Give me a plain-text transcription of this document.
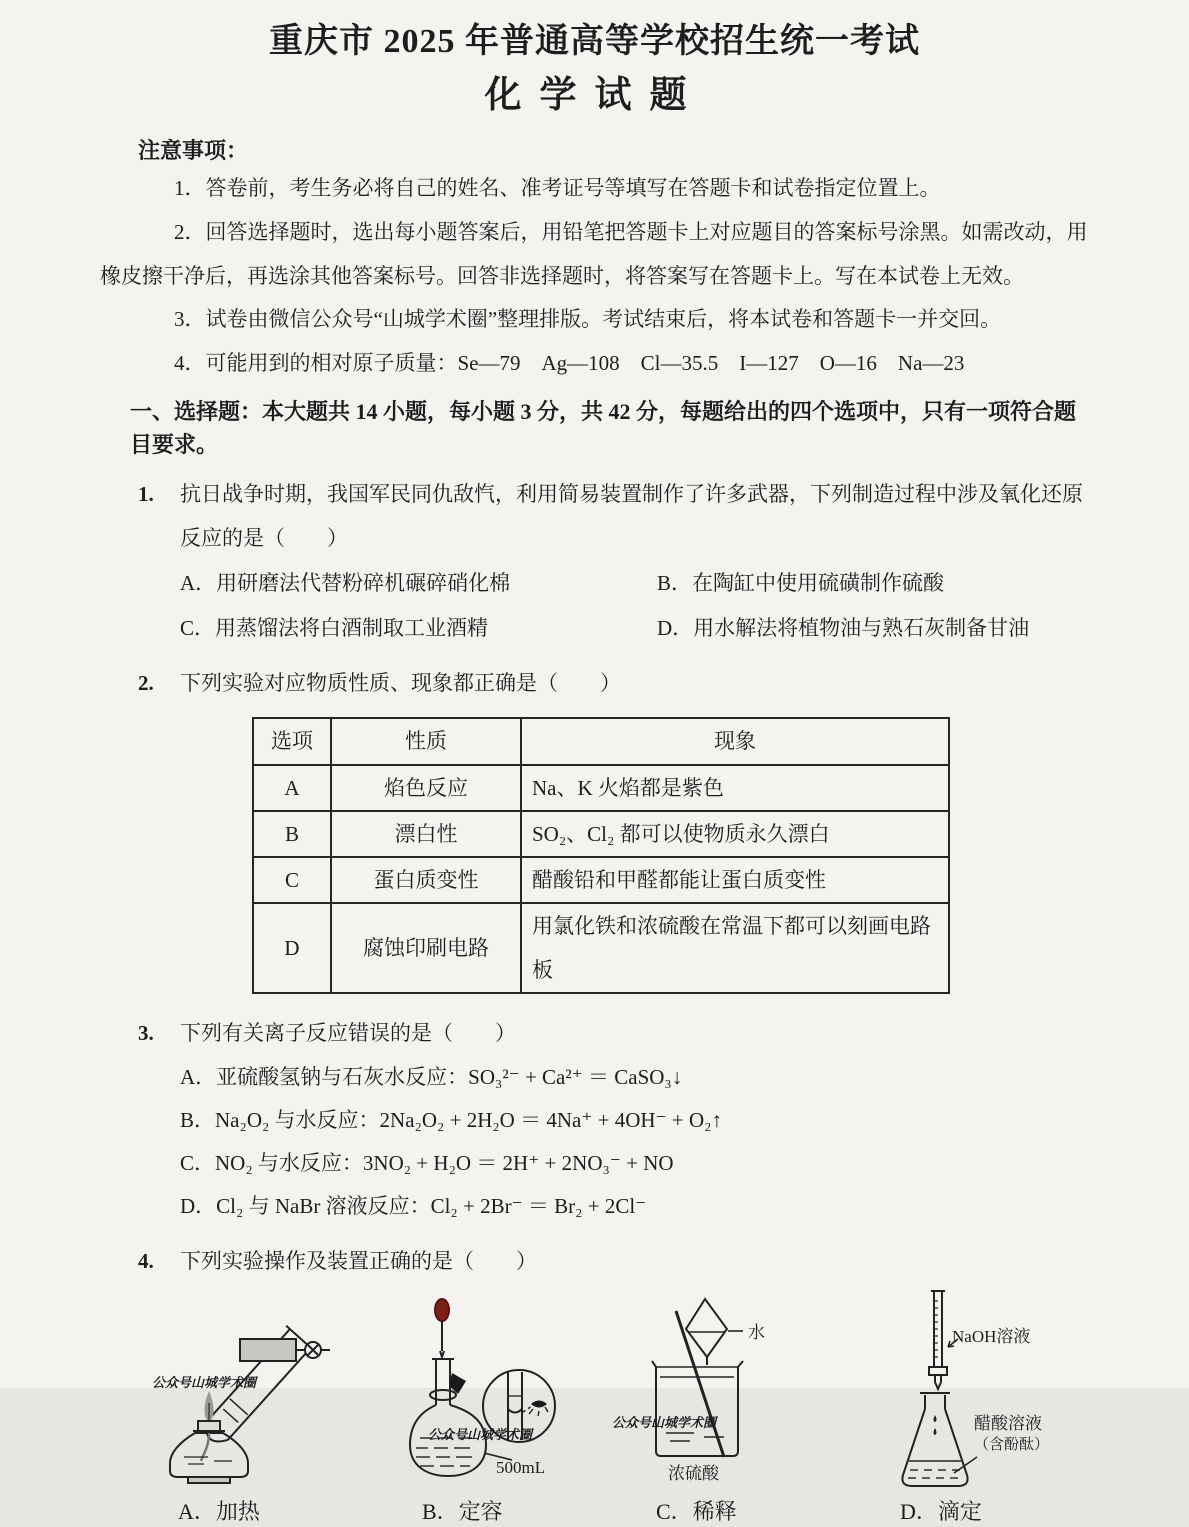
重庆市 2025 年普通高等学校招生统一考试
化学试题
注意事项：

1．答卷前，考生务必将自己的姓名、准考证号等填写在答题卡和试卷指定位置上。

2．回答选择题时，选出每小题答案后，用铅笔把答题卡上对应题目的答案标号涂黑。如需改动，用橡皮擦干净后，再选涂其他答案标号。回答非选择题时，将答案写在答题卡上。写在本试卷上无效。

3．试卷由微信公众号“山城学术圈”整理排版。考试结束后，将本试卷和答题卡一并交回。

4．可能用到的相对原子质量：Se—79　Ag—108　Cl—35.5　I—127　O—16　Na—23

一、选择题：本大题共 14 小题，每小题 3 分，共 42 分，每题给出的四个选项中，只有一项符合题目要求。
1.	抗日战争时期，我国军民同仇敌忾，利用简易装置制作了许多武器，下列制造过程中涉及氧化还原反应的是（　　）

A．用研磨法代替粉碎机碾碎硝化棉	B．在陶缸中使用硫磺制作硫酸
C．用蒸馏法将白酒制取工业酒精	D．用水解法将植物油与熟石灰制备甘油
2.	下列实验对应物质性质、现象都正确是（　　）

选项	性质	现象
A	焰色反应	Na、K 火焰都是紫色
B	漂白性	SO₂、Cl₂ 都可以使物质永久漂白
C	蛋白质变性	醋酸铅和甲醛都能让蛋白质变性
D	腐蚀印刷电路	用氯化铁和浓硫酸在常温下都可以刻画电路板
3.	下列有关离子反应错误的是（　　）

A．亚硫酸氢钠与石灰水反应：SO₃²⁻ + Ca²⁺ ＝ CaSO₃↓
B．Na₂O₂ 与水反应：2Na₂O₂ + 2H₂O ＝ 4Na⁺ + 4OH⁻ + O₂↑
C．NO₂ 与水反应：3NO₂ + H₂O ＝ 2H⁺ + 2NO₃⁻ + NO
D．Cl₂ 与 NaBr 溶液反应：Cl₂ + 2Br⁻ ＝ Br₂ + 2Cl⁻
4.	下列实验操作及装置正确的是（　　）

公众号山城学术圈
公众号山城学术圈
500mL
水
公众号山城学术圈
浓硫酸
NaOH溶液
醋酸溶液
（含酚酞）
A．加热	B．定容	C．稀释	D．滴定
